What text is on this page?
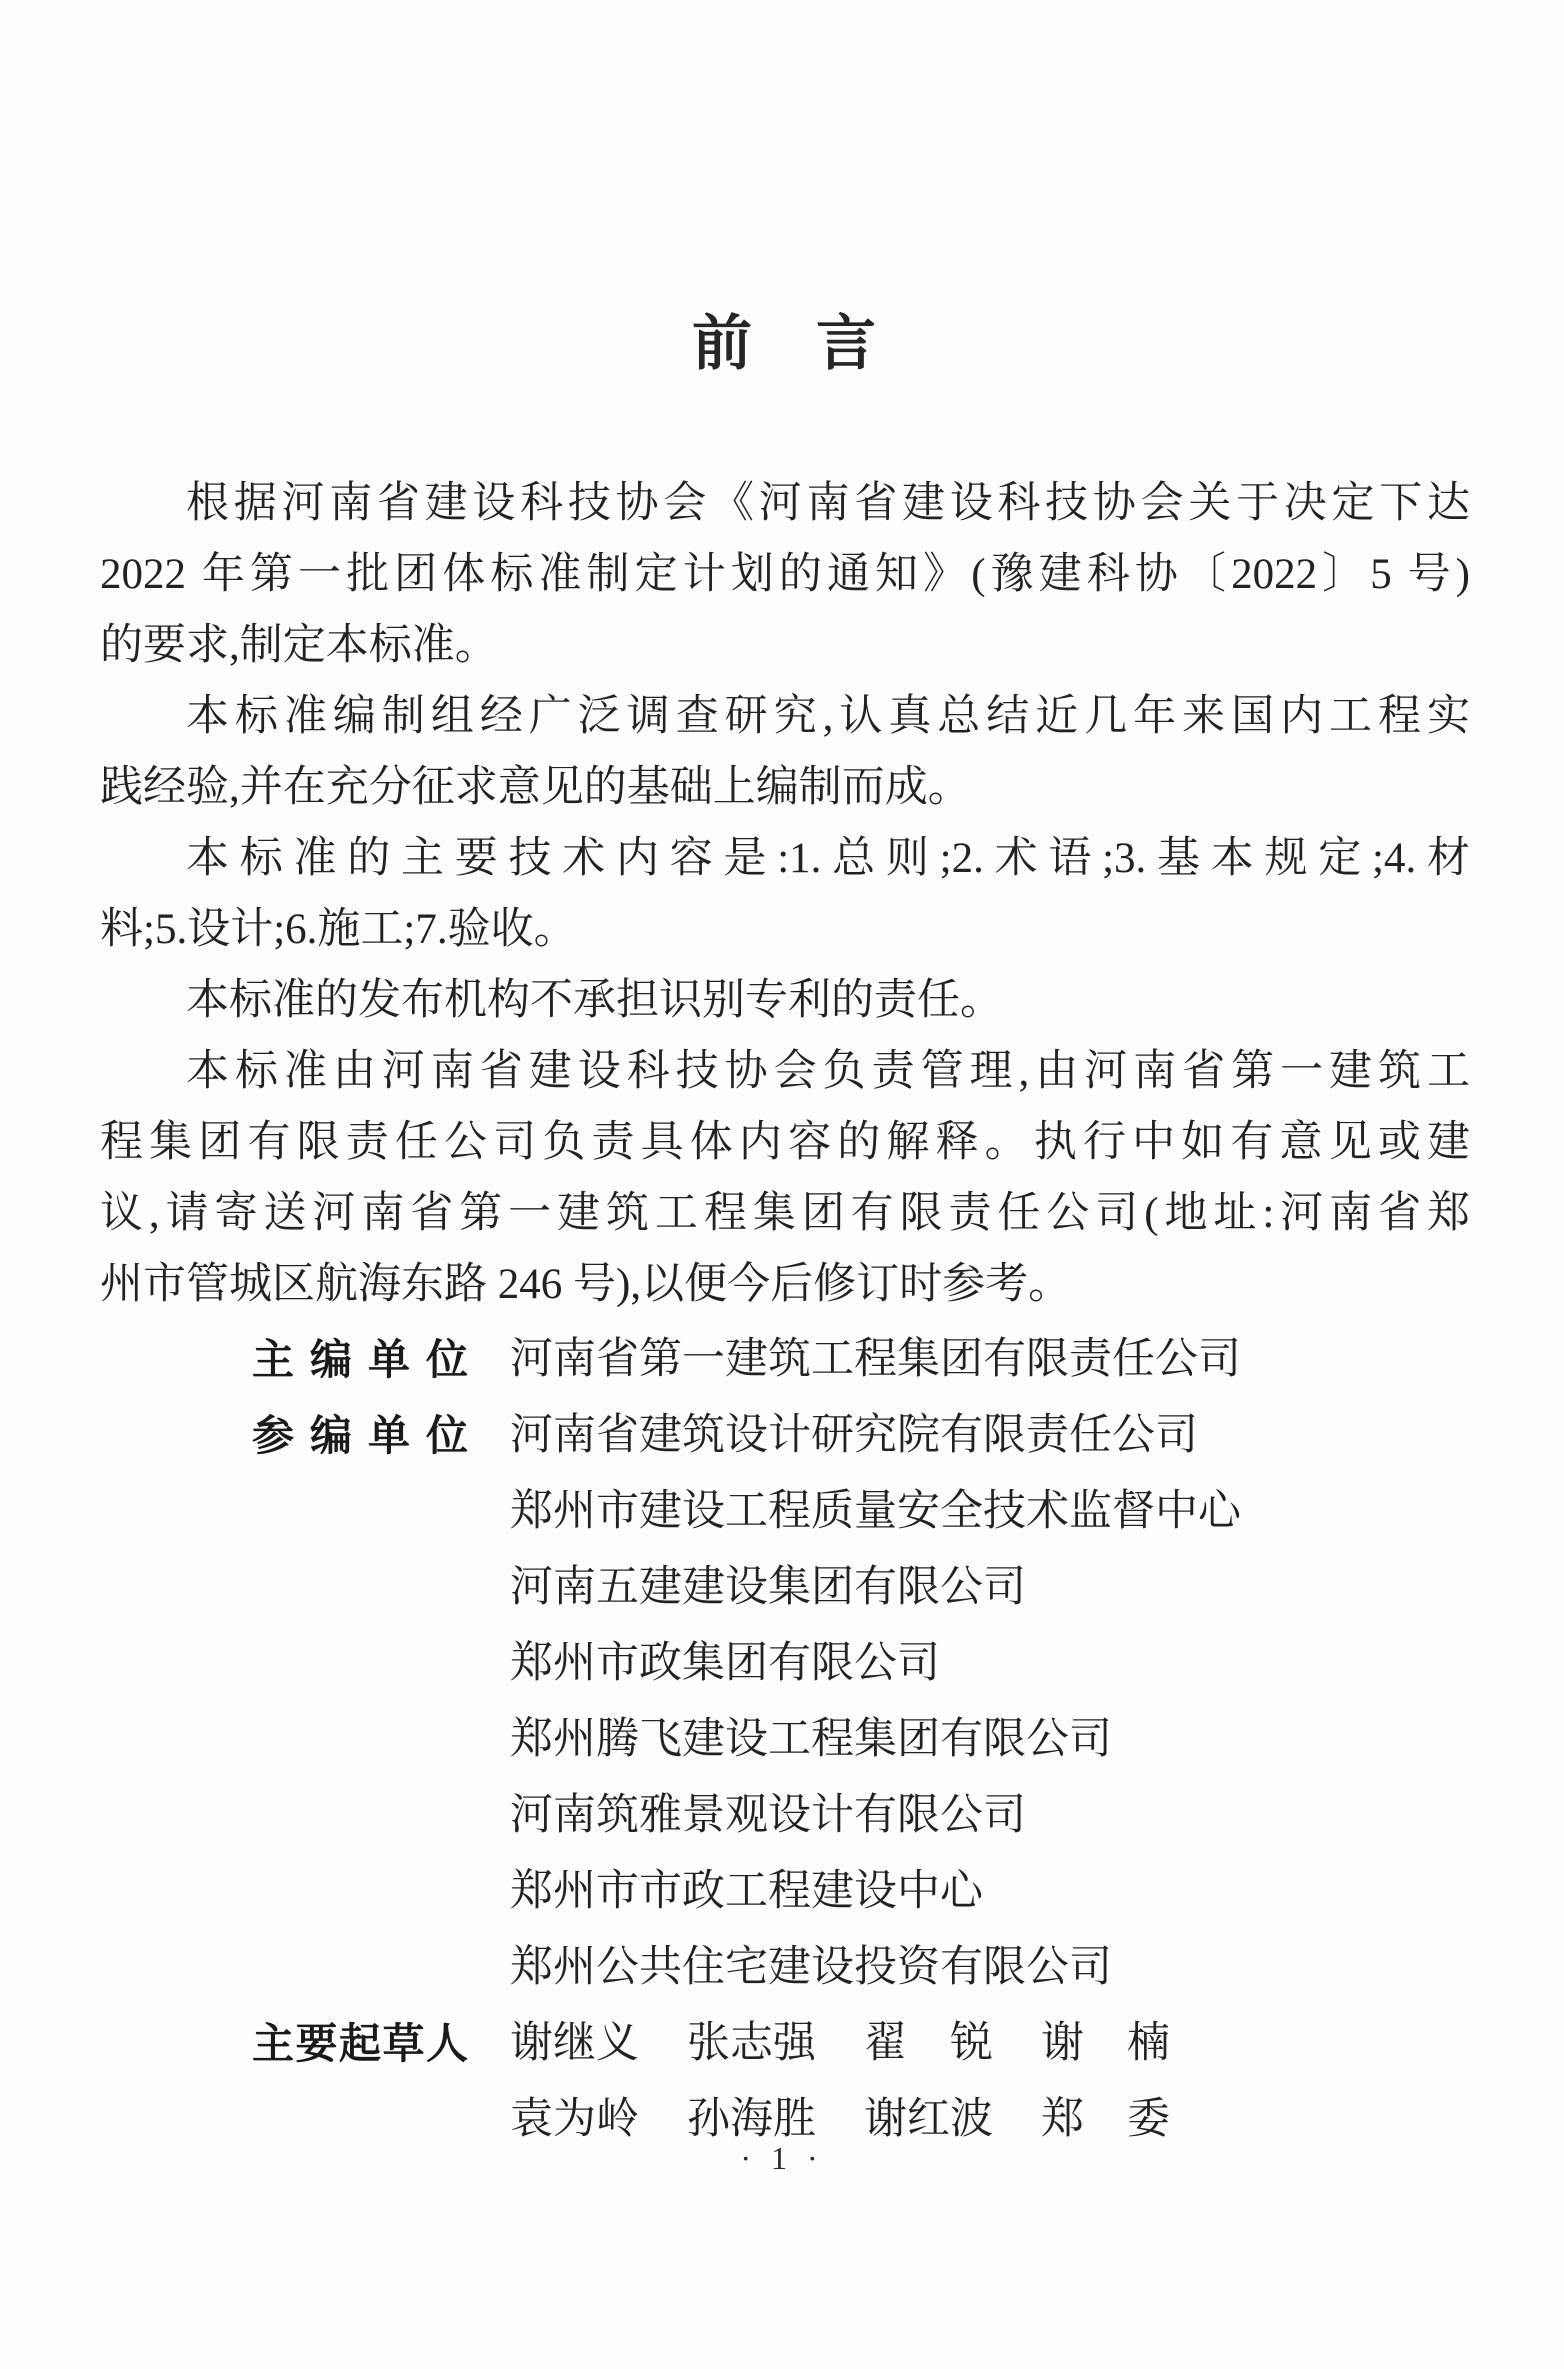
前　言

根据河南省建设科技协会《河南省建设科技协会关于决定下达

2022 年第一批团体标准制定计划的通知》(豫建科协〔2022〕5 号)

的要求,制定本标准。

本标准编制组经广泛调查研究,认真总结近几年来国内工程实

践经验,并在充分征求意见的基础上编制而成。

本标准的主要技术内容是:1.总则;2.术语;3.基本规定;4.材

料;5.设计;6.施工;7.验收。

本标准的发布机构不承担识别专利的责任。

本标准由河南省建设科技协会负责管理,由河南省第一建筑工

程集团有限责任公司负责具体内容的解释。执行中如有意见或建

议,请寄送河南省第一建筑工程集团有限责任公司(地址:河南省郑

州市管城区航海东路 246 号),以便今后修订时参考。

主 编 单 位 河南省第一建筑工程集团有限责任公司
参 编 单 位 河南省建筑设计研究院有限责任公司
郑州市建设工程质量安全技术监督中心
河南五建建设集团有限公司
郑州市政集团有限公司
郑州腾飞建设工程集团有限公司
河南筑雅景观设计有限公司
郑州市市政工程建设中心
郑州公共住宅建设投资有限公司
主要起草人 谢继义 张志强 翟　锐 谢　楠
袁为岭 孙海胜 谢红波 郑　委
· 1 ·
